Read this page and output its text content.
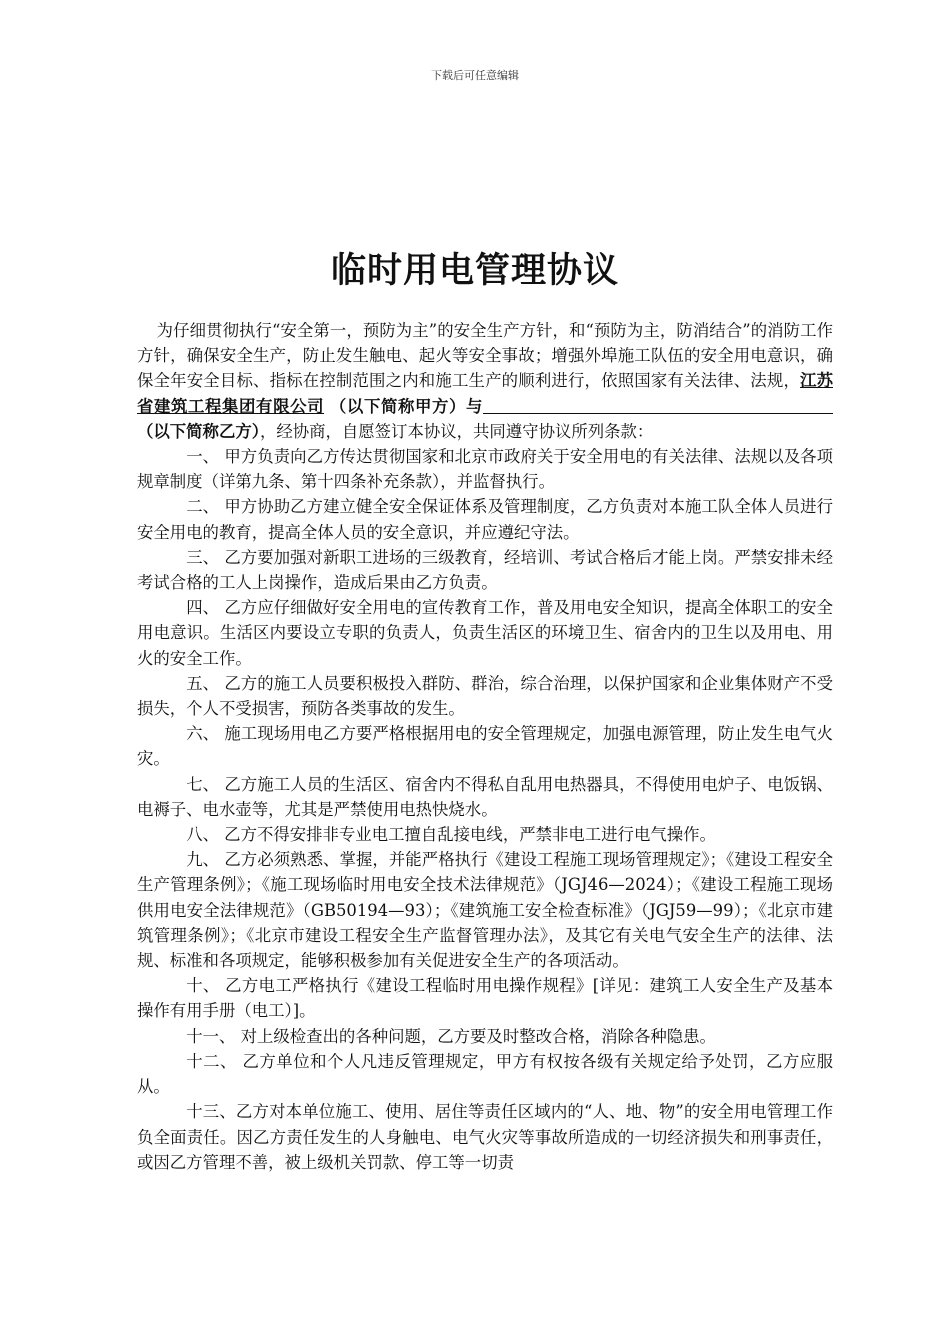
下载后可任意编辑
临时用电管理协议

为仔细贯彻执行“安全第一，预防为主”的安全生产方针，和“预防为主，防消结合”的消防工作方针，确保安全生产，防止发生触电、起火等安全事故；增强外埠施工队伍的安全用电意识，确保全年安全目标、指标在控制范围之内和施工生产的顺利进行，依照国家有关法律、法规，江苏省建筑工程集团有限公司 （以下简称甲方）与（以下简称乙方），经协商，自愿签订本协议，共同遵守协议所列条款：

一、 甲方负责向乙方传达贯彻国家和北京市政府关于安全用电的有关法律、法规以及各项规章制度（详第九条、第十四条补充条款），并监督执行。

二、 甲方协助乙方建立健全安全保证体系及管理制度，乙方负责对本施工队全体人员进行安全用电的教育，提高全体人员的安全意识，并应遵纪守法。

三、 乙方要加强对新职工进场的三级教育，经培训、考试合格后才能上岗。严禁安排未经考试合格的工人上岗操作，造成后果由乙方负责。

四、 乙方应仔细做好安全用电的宣传教育工作，普及用电安全知识，提高全体职工的安全用电意识。生活区内要设立专职的负责人，负责生活区的环境卫生、宿舍内的卫生以及用电、用火的安全工作。

五、 乙方的施工人员要积极投入群防、群治，综合治理，以保护国家和企业集体财产不受损失，个人不受损害，预防各类事故的发生。

六、 施工现场用电乙方要严格根据用电的安全管理规定，加强电源管理，防止发生电气火灾。

七、 乙方施工人员的生活区、宿舍内不得私自乱用电热器具，不得使用电炉子、电饭锅、电褥子、电水壶等，尤其是严禁使用电热快烧水。

八、 乙方不得安排非专业电工擅自乱接电线，严禁非电工进行电气操作。

九、 乙方必须熟悉、掌握，并能严格执行《建设工程施工现场管理规定》；《建设工程安全生产管理条例》；《施工现场临时用电安全技术法律规范》（JGJ46—2024）；《建设工程施工现场供用电安全法律规范》（GB50194—93）；《建筑施工安全检查标准》（JGJ59—99）；《北京市建筑管理条例》；《北京市建设工程安全生产监督管理办法》，及其它有关电气安全生产的法律、法规、标准和各项规定，能够积极参加有关促进安全生产的各项活动。

十、 乙方电工严格执行《建设工程临时用电操作规程》[详见：建筑工人安全生产及基本操作有用手册（电工）]。

十一、 对上级检查出的各种问题，乙方要及时整改合格，消除各种隐患。

十二、 乙方单位和个人凡违反管理规定，甲方有权按各级有关规定给予处罚，乙方应服从。

十三、乙方对本单位施工、使用、居住等责任区域内的“人、地、物”的安全用电管理工作负全面责任。因乙方责任发生的人身触电、电气火灾等事故所造成的一切经济损失和刑事责任，或因乙方管理不善，被上级机关罚款、停工等一切责
